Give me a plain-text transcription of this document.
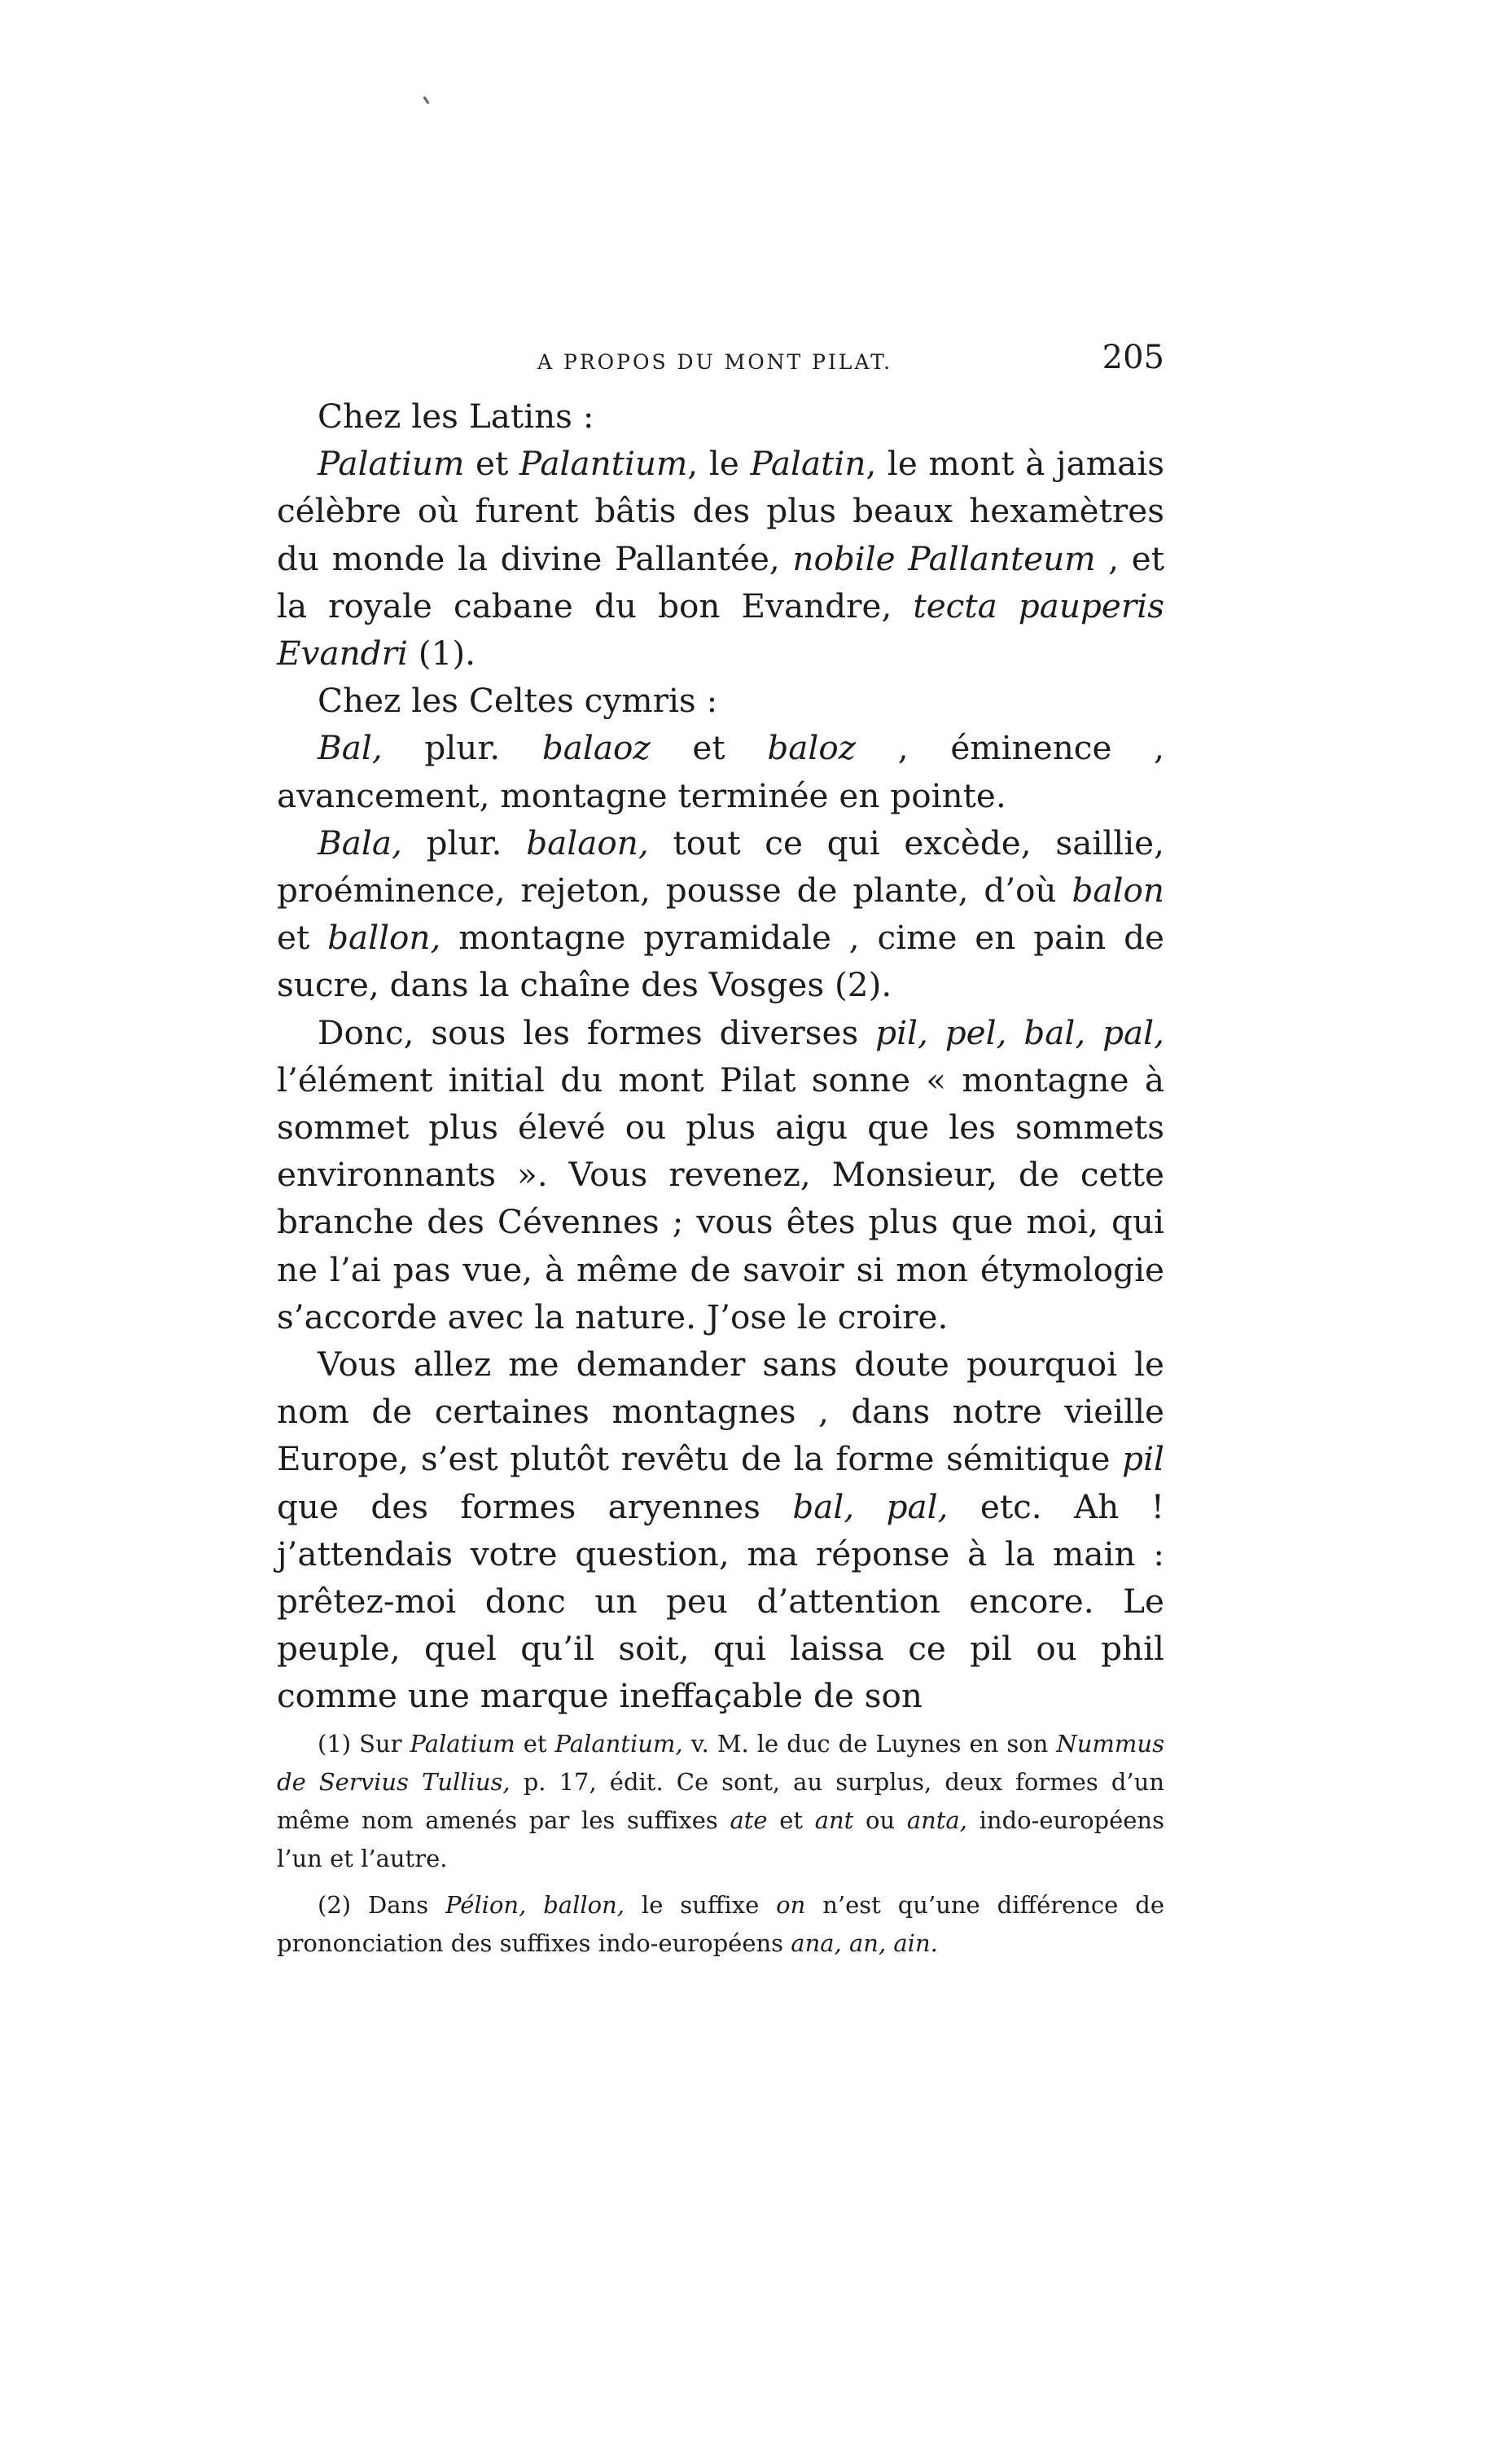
A PROPOS DU MONT PILAT.	205

Chez les Latins :

Palatium et Palantium, le Palatin, le mont à jamais célèbre où furent bâtis des plus beaux hexamètres du monde la divine Pallantée, nobile Pallanteum , et la royale cabane du bon Evandre, tecta pauperis Evandri (1).

Chez les Celtes cymris :

Bal, plur. balaoz et baloz , éminence , avancement, montagne terminée en pointe.

Bala, plur. balaon, tout ce qui excède, saillie, proéminence, rejeton, pousse de plante, d’où balon et ballon, montagne pyramidale , cime en pain de sucre, dans la chaîne des Vosges (2).

Donc, sous les formes diverses pil, pel, bal, pal, l’élément initial du mont Pilat sonne « montagne à sommet plus élevé ou plus aigu que les sommets environnants ». Vous revenez, Monsieur, de cette branche des Cévennes ; vous êtes plus que moi, qui ne l’ai pas vue, à même de savoir si mon étymologie s’accorde avec la nature. J’ose le croire.

Vous allez me demander sans doute pourquoi le nom de certaines montagnes , dans notre vieille Europe, s’est plutôt revêtu de la forme sémitique pil que des formes aryennes bal, pal, etc. Ah ! j’attendais votre question, ma réponse à la main : prêtez-moi donc un peu d’attention encore. Le peuple, quel qu’il soit, qui laissa ce pil ou phil comme une marque ineffaçable de son

(1) Sur Palatium et Palantium, v. M. le duc de Luynes en son Nummus de Servius Tullius, p. 17, édit. Ce sont, au surplus, deux formes d’un même nom amenés par les suffixes ate et ant ou anta, indo-européens l’un et l’autre.

(2) Dans Pélion, ballon, le suffixe on n’est qu’une différence de prononciation des suffixes indo-européens ana, an, ain.
